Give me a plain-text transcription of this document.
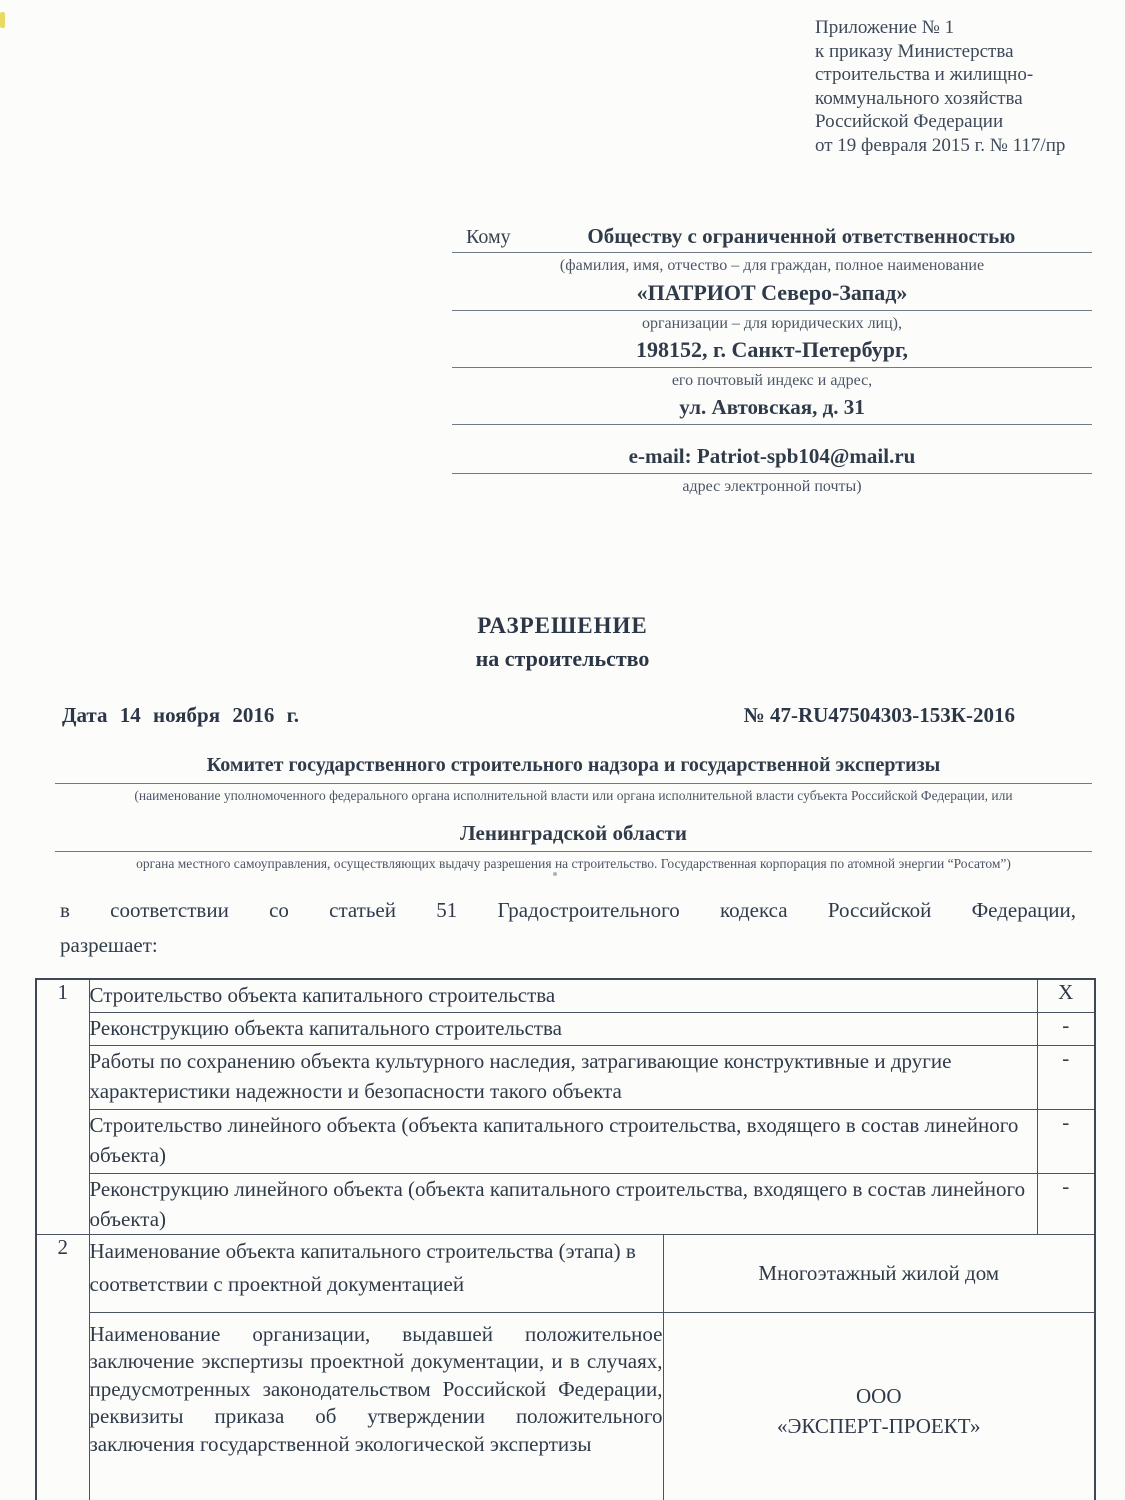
Приложение № 1
к приказу Министерства
строительства и жилищно-
коммунального хозяйства
Российской Федерации
от 19 февраля 2015 г. № 117/пр
Кому	Обществу с ограниченной ответственностью
(фамилия, имя, отчество – для граждан, полное наименование
«ПАТРИОТ Северо-Запад»
организации – для юридических лиц),
198152, г. Санкт-Петербург,
его почтовый индекс и адрес,
ул. Автовская, д. 31
e-mail: Patriot-spb104@mail.ru
адрес электронной почты)
РАЗРЕШЕНИЕ
на строительство
Дата 14 ноября 2016 г.	№ 47-RU47504303-153К-2016
Комитет государственного строительного надзора и государственной экспертизы
(наименование уполномоченного федерального органа исполнительной власти или органа исполнительной власти субъекта Российской Федерации, или
Ленинградской области
органа местного самоуправления, осуществляющих выдачу разрешения на строительство. Государственная корпорация по атомной энергии “Росатом”)
в соответствии со статьей 51 Градостроительного кодекса Российской Федерации,
разрешает:
1	Строительство объекта капитального строительства		X
	Реконструкцию объекта капитального строительства		-
	Работы по сохранению объекта культурного наследия, затрагивающие конструктивные и другие характеристики надежности и безопасности такого объекта		-
	Строительство линейного объекта (объекта капитального строительства, входящего в состав линейного объекта)		-
	Реконструкцию линейного объекта (объекта капитального строительства, входящего в состав линейного объекта)		-
2	Наименование объекта капитального строительства (этапа) в соответствии с проектной документацией	Многоэтажный жилой дом	
	Наименование организации, выдавшей положительное заключение экспертизы проектной документации, и в случаях, предусмотренных законодательством Российской Федерации, реквизиты приказа об утверждении положительного заключения государственной экологической экспертизы	ООО
«ЭКСПЕРТ-ПРОЕКТ»	
